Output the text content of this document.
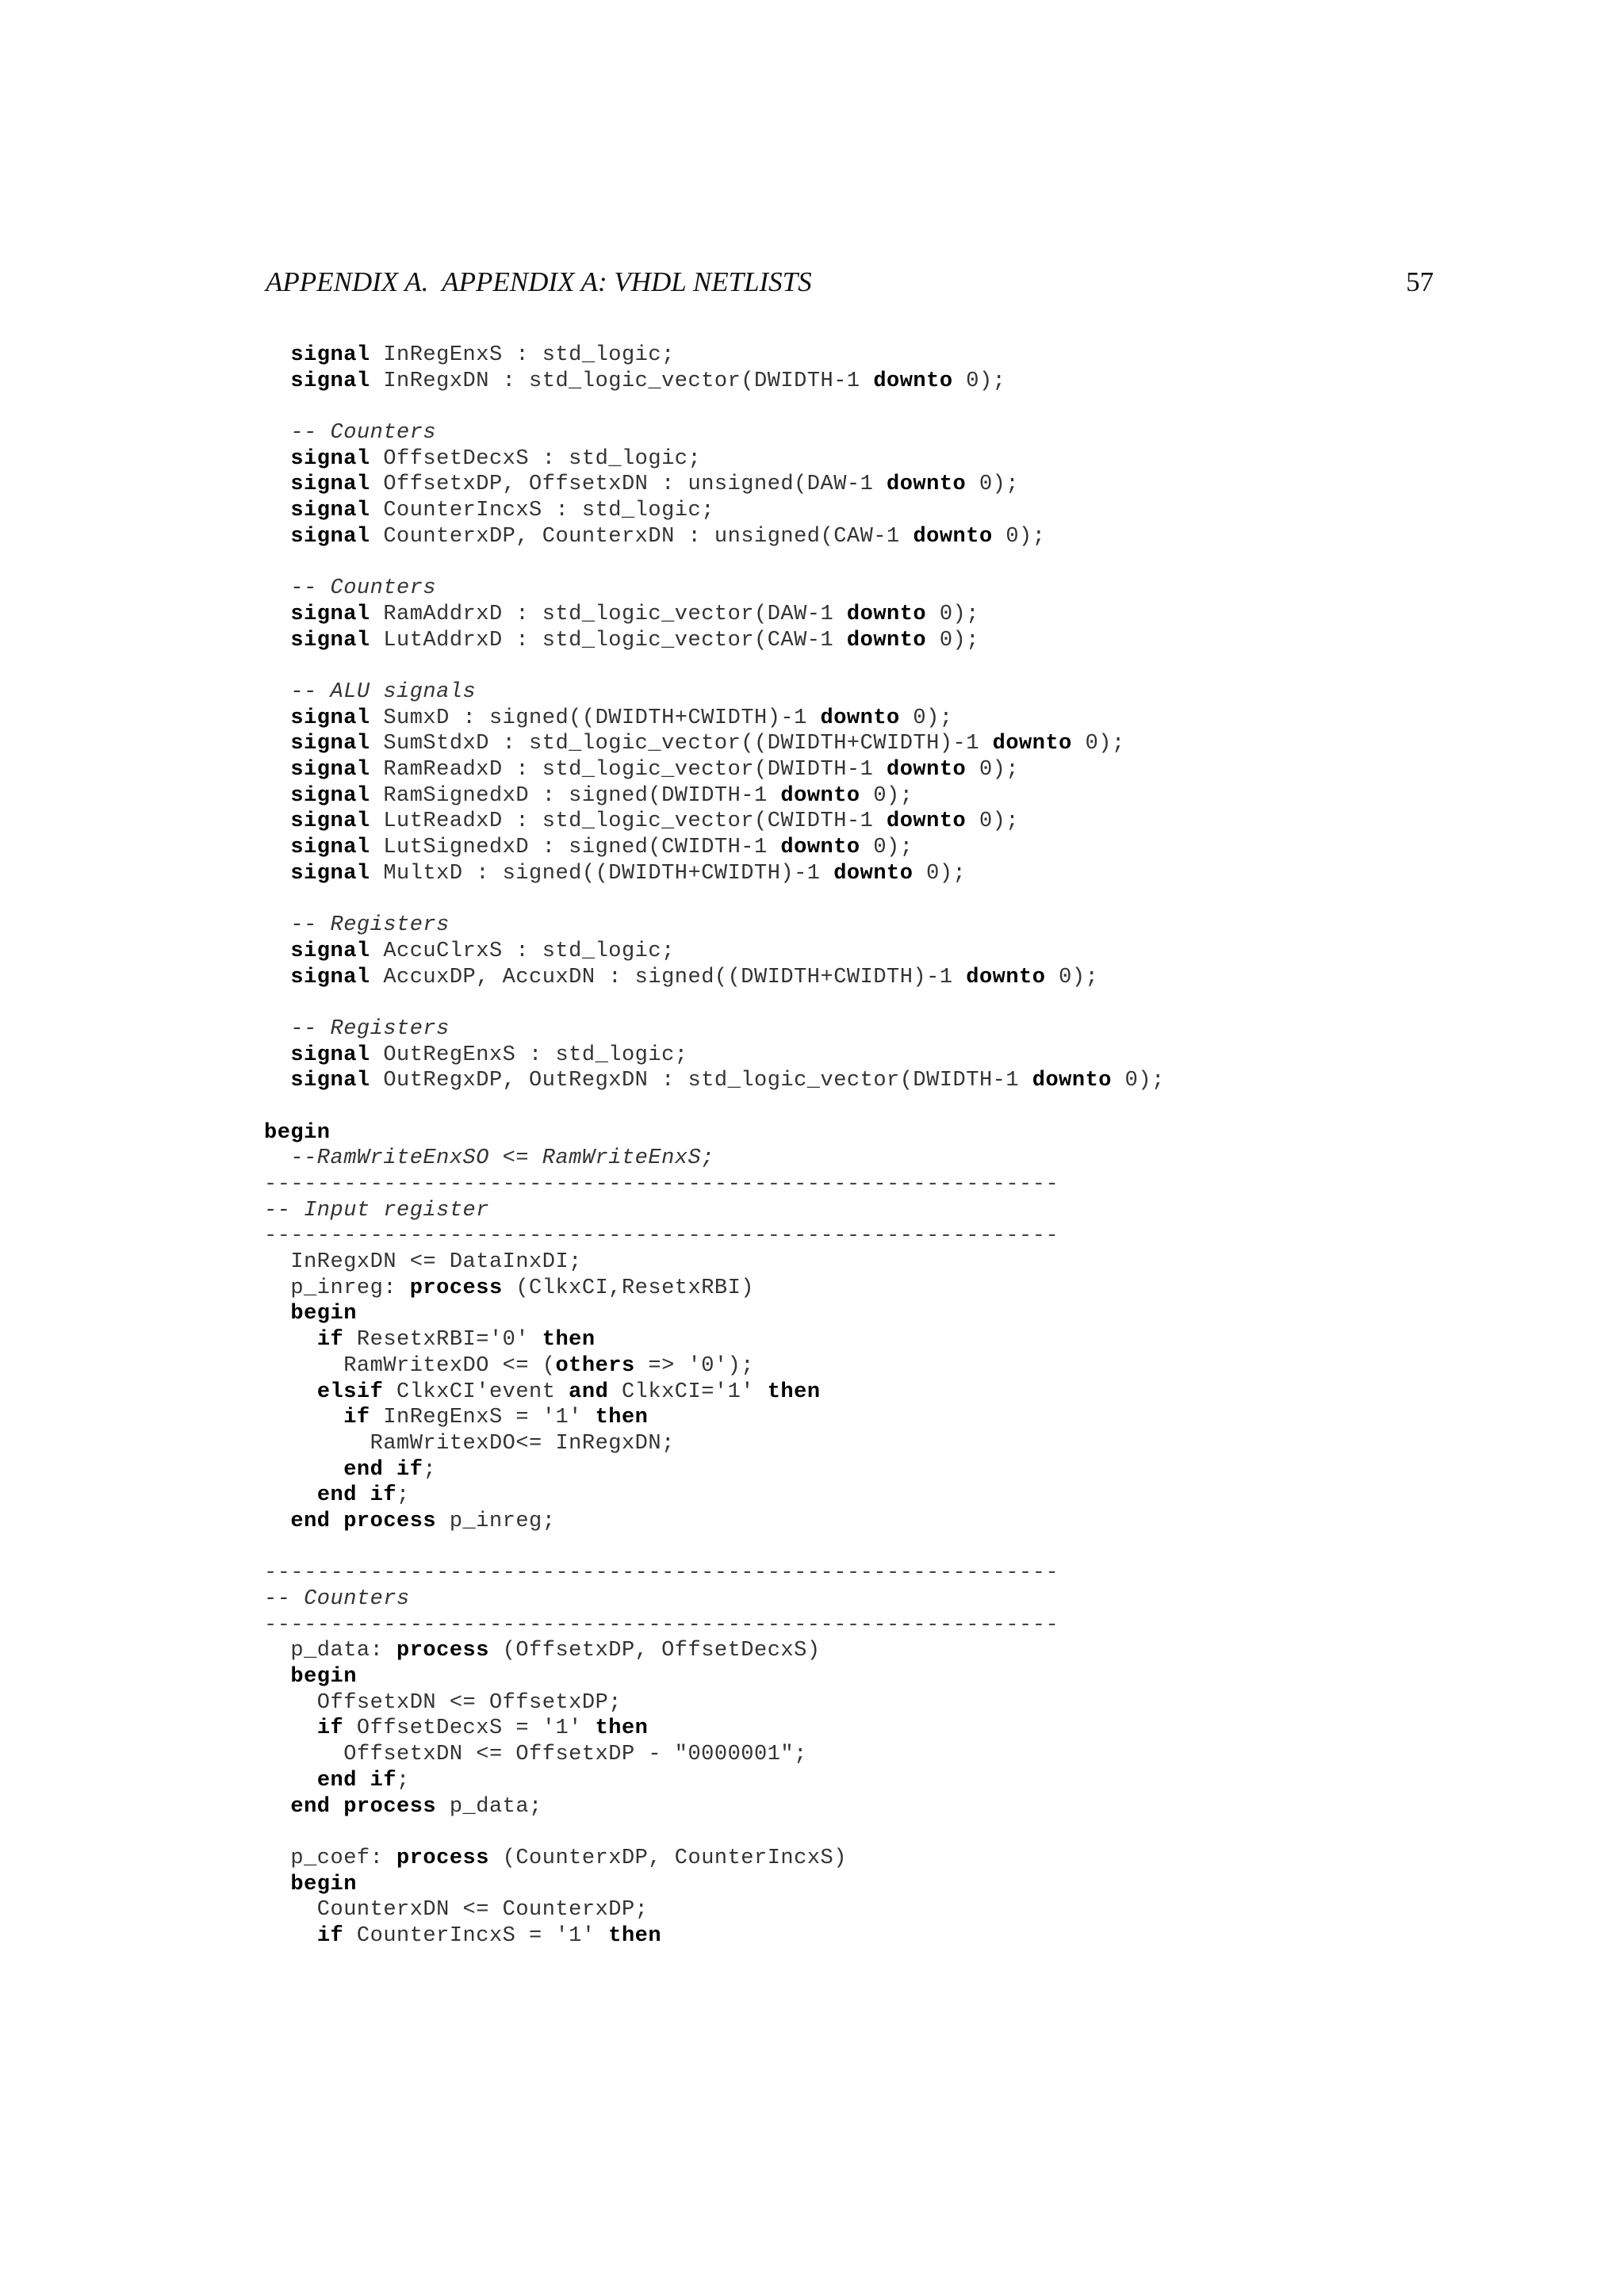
APPENDIX A.  APPENDIX A: VHDL NETLISTS	57
signal InRegEnxS : std_logic;
signal InRegxDN : std_logic_vector(DWIDTH-1 downto 0);
-- Counters
signal OffsetDecxS : std_logic;
signal OffsetxDP, OffsetxDN : unsigned(DAW-1 downto 0);
signal CounterIncxS : std_logic;
signal CounterxDP, CounterxDN : unsigned(CAW-1 downto 0);
-- Counters
signal RamAddrxD : std_logic_vector(DAW-1 downto 0);
signal LutAddrxD : std_logic_vector(CAW-1 downto 0);
-- ALU signals
signal SumxD : signed((DWIDTH+CWIDTH)-1 downto 0);
signal SumStdxD : std_logic_vector((DWIDTH+CWIDTH)-1 downto 0);
signal RamReadxD : std_logic_vector(DWIDTH-1 downto 0);
signal RamSignedxD : signed(DWIDTH-1 downto 0);
signal LutReadxD : std_logic_vector(CWIDTH-1 downto 0);
signal LutSignedxD : signed(CWIDTH-1 downto 0);
signal MultxD : signed((DWIDTH+CWIDTH)-1 downto 0);
-- Registers
signal AccuClrxS : std_logic;
signal AccuxDP, AccuxDN : signed((DWIDTH+CWIDTH)-1 downto 0);
-- Registers
signal OutRegEnxS : std_logic;
signal OutRegxDP, OutRegxDN : std_logic_vector(DWIDTH-1 downto 0);
begin
--RamWriteEnxSO <= RamWriteEnxS;
------------------------------------------------------------
-- Input register
------------------------------------------------------------
InRegxDN <= DataInxDI;
p_inreg: process (ClkxCI,ResetxRBI)
begin
if ResetxRBI='0' then
RamWritexDO <= (others => '0');
elsif ClkxCI'event and ClkxCI='1' then
if InRegEnxS = '1' then
RamWritexDO<= InRegxDN;
end if;
end if;
end process p_inreg;
------------------------------------------------------------
-- Counters
------------------------------------------------------------
p_data: process (OffsetxDP, OffsetDecxS)
begin
OffsetxDN <= OffsetxDP;
if OffsetDecxS = '1' then
OffsetxDN <= OffsetxDP - "0000001";
end if;
end process p_data;
p_coef: process (CounterxDP, CounterIncxS)
begin
CounterxDN <= CounterxDP;
if CounterIncxS = '1' then
